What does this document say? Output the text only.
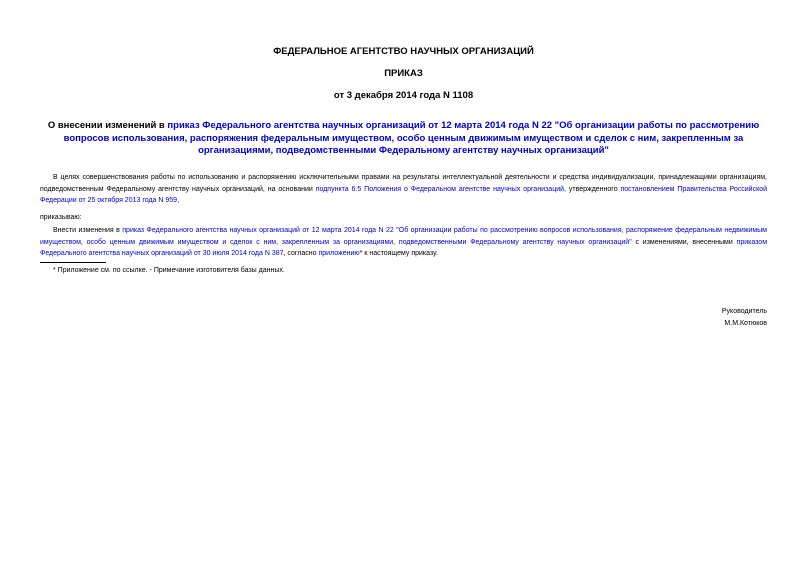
ФЕДЕРАЛЬНОЕ АГЕНТСТВО НАУЧНЫХ ОРГАНИЗАЦИЙ
ПРИКАЗ
от 3 декабря 2014 года N 1108
О внесении изменений в приказ Федерального агентства научных организаций от 12 марта 2014 года N 22 "Об организации работы по рассмотрению вопросов использования, распоряжения федеральным имуществом, особо ценным движимым имуществом и сделок с ним, закрепленным за организациями, подведомственными Федеральному агентству научных организаций"
В целях совершенствования работы по использованию и распоряжению исключительными правами на результаты интеллектуальной деятельности и средства индивидуализации, принадлежащими организациям, подведомственным Федеральному агентству научных организаций, на основании подпункта 6.5 Положения о Федеральном агентстве научных организаций, утвержденного постановлением Правительства Российской Федерации от 25 октября 2013 года N 959,
приказываю:
Внести изменения в приказ Федерального агентства научных организаций от 12 марта 2014 года N 22 "Об организации работы по рассмотрению вопросов использования, распоряжение федеральным недвижимым имуществом, особо ценным движимым имуществом и сделок с ним, закрепленным за организациями, подведомственными Федеральному агентству научных организаций" с изменениями, внесенными приказом Федерального агентства научных организаций от 30 июля 2014 года N 387, согласно приложению* к настоящему приказу.
* Приложение см. по ссылке. - Примечание изготовителя базы данных.
Руководитель
М.М.Котюков
